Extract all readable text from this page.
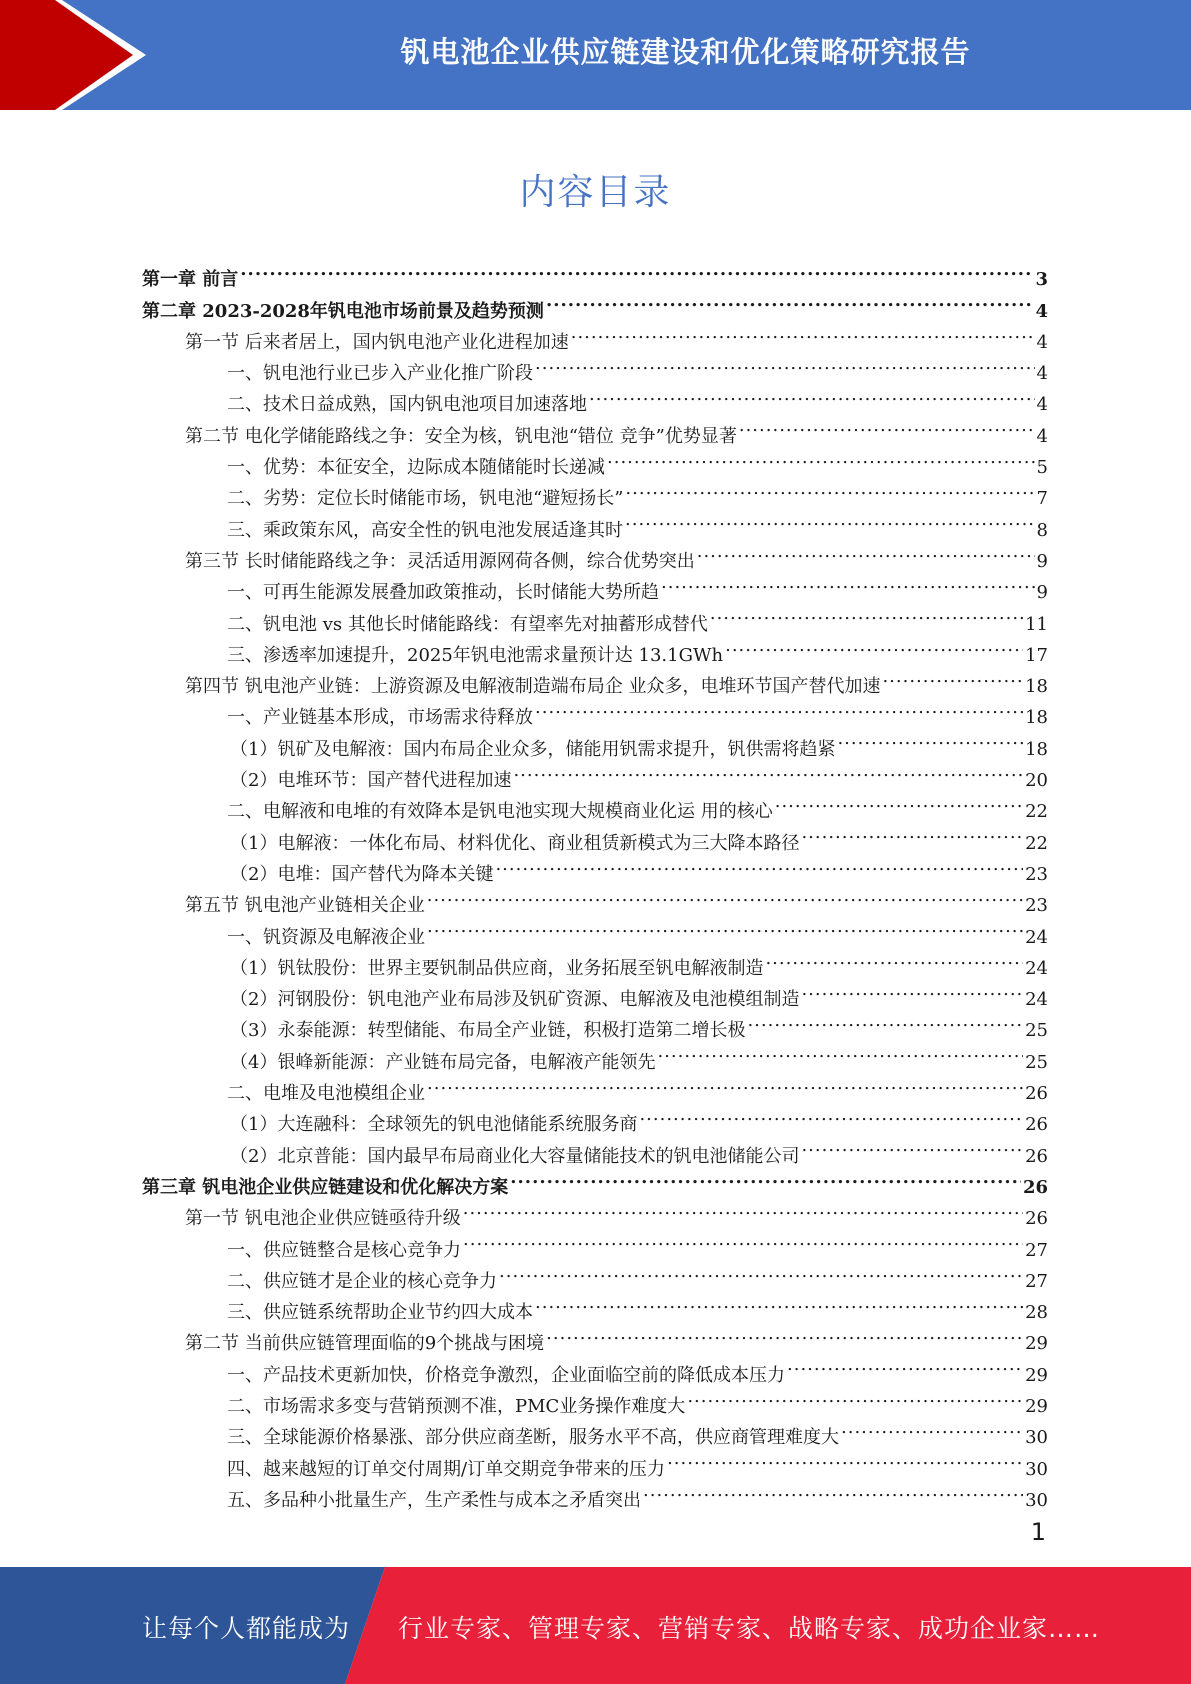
钒电池企业供应链建设和优化策略研究报告
内容目录
第一章 前言 .....	3
第二章 2023-2028年钒电池市场前景及趋势预测 .....	4
第一节 后来者居上，国内钒电池产业化进程加速 .....	4
一、钒电池行业已步入产业化推广阶段 .....	4
二、技术日益成熟，国内钒电池项目加速落地 .....	4
第二节 电化学储能路线之争：安全为核，钒电池“错位 竞争”优势显著 .....	4
一、优势：本征安全，边际成本随储能时长递减 .....	5
二、劣势：定位长时储能市场，钒电池“避短扬长” .....	7
三、乘政策东风，高安全性的钒电池发展适逢其时 .....	8
第三节 长时储能路线之争：灵活适用源网荷各侧，综合优势突出 .....	9
一、可再生能源发展叠加政策推动，长时储能大势所趋 .....	9
二、钒电池 vs 其他长时储能路线：有望率先对抽蓄形成替代 .....	11
三、渗透率加速提升，2025年钒电池需求量预计达 13.1GWh .....	17
第四节 钒电池产业链：上游资源及电解液制造端布局企 业众多，电堆环节国产替代加速 .....	18
一、产业链基本形成，市场需求待释放 .....	18
（1）钒矿及电解液：国内布局企业众多，储能用钒需求提升，钒供需将趋紧 .....	18
（2）电堆环节：国产替代进程加速 .....	20
二、电解液和电堆的有效降本是钒电池实现大规模商业化运 用的核心 .....	22
（1）电解液：一体化布局、材料优化、商业租赁新模式为三大降本路径 .....	22
（2）电堆：国产替代为降本关键 .....	23
第五节 钒电池产业链相关企业 .....	23
一、钒资源及电解液企业 .....	24
（1）钒钛股份：世界主要钒制品供应商，业务拓展至钒电解液制造 .....	24
（2）河钢股份：钒电池产业布局涉及钒矿资源、电解液及电池模组制造 .....	24
（3）永泰能源：转型储能、布局全产业链，积极打造第二增长极 .....	25
（4）银峰新能源：产业链布局完备，电解液产能领先 .....	25
二、电堆及电池模组企业 .....	26
（1）大连融科：全球领先的钒电池储能系统服务商 .....	26
（2）北京普能：国内最早布局商业化大容量储能技术的钒电池储能公司 .....	26
第三章 钒电池企业供应链建设和优化解决方案 .....	26
第一节 钒电池企业供应链亟待升级 .....	26
一、供应链整合是核心竞争力 .....	27
二、供应链才是企业的核心竞争力 .....	27
三、供应链系统帮助企业节约四大成本 .....	28
第二节 当前供应链管理面临的9个挑战与困境 .....	29
一、产品技术更新加快，价格竞争激烈，企业面临空前的降低成本压力 .....	29
二、市场需求多变与营销预测不准，PMC业务操作难度大 .....	29
三、全球能源价格暴涨、部分供应商垄断，服务水平不高，供应商管理难度大 .....	30
四、越来越短的订单交付周期/订单交期竞争带来的压力 .....	30
五、多品种小批量生产，生产柔性与成本之矛盾突出 .....	30
1
让每个人都能成为 行业专家、管理专家、营销专家、战略专家、成功企业家……
